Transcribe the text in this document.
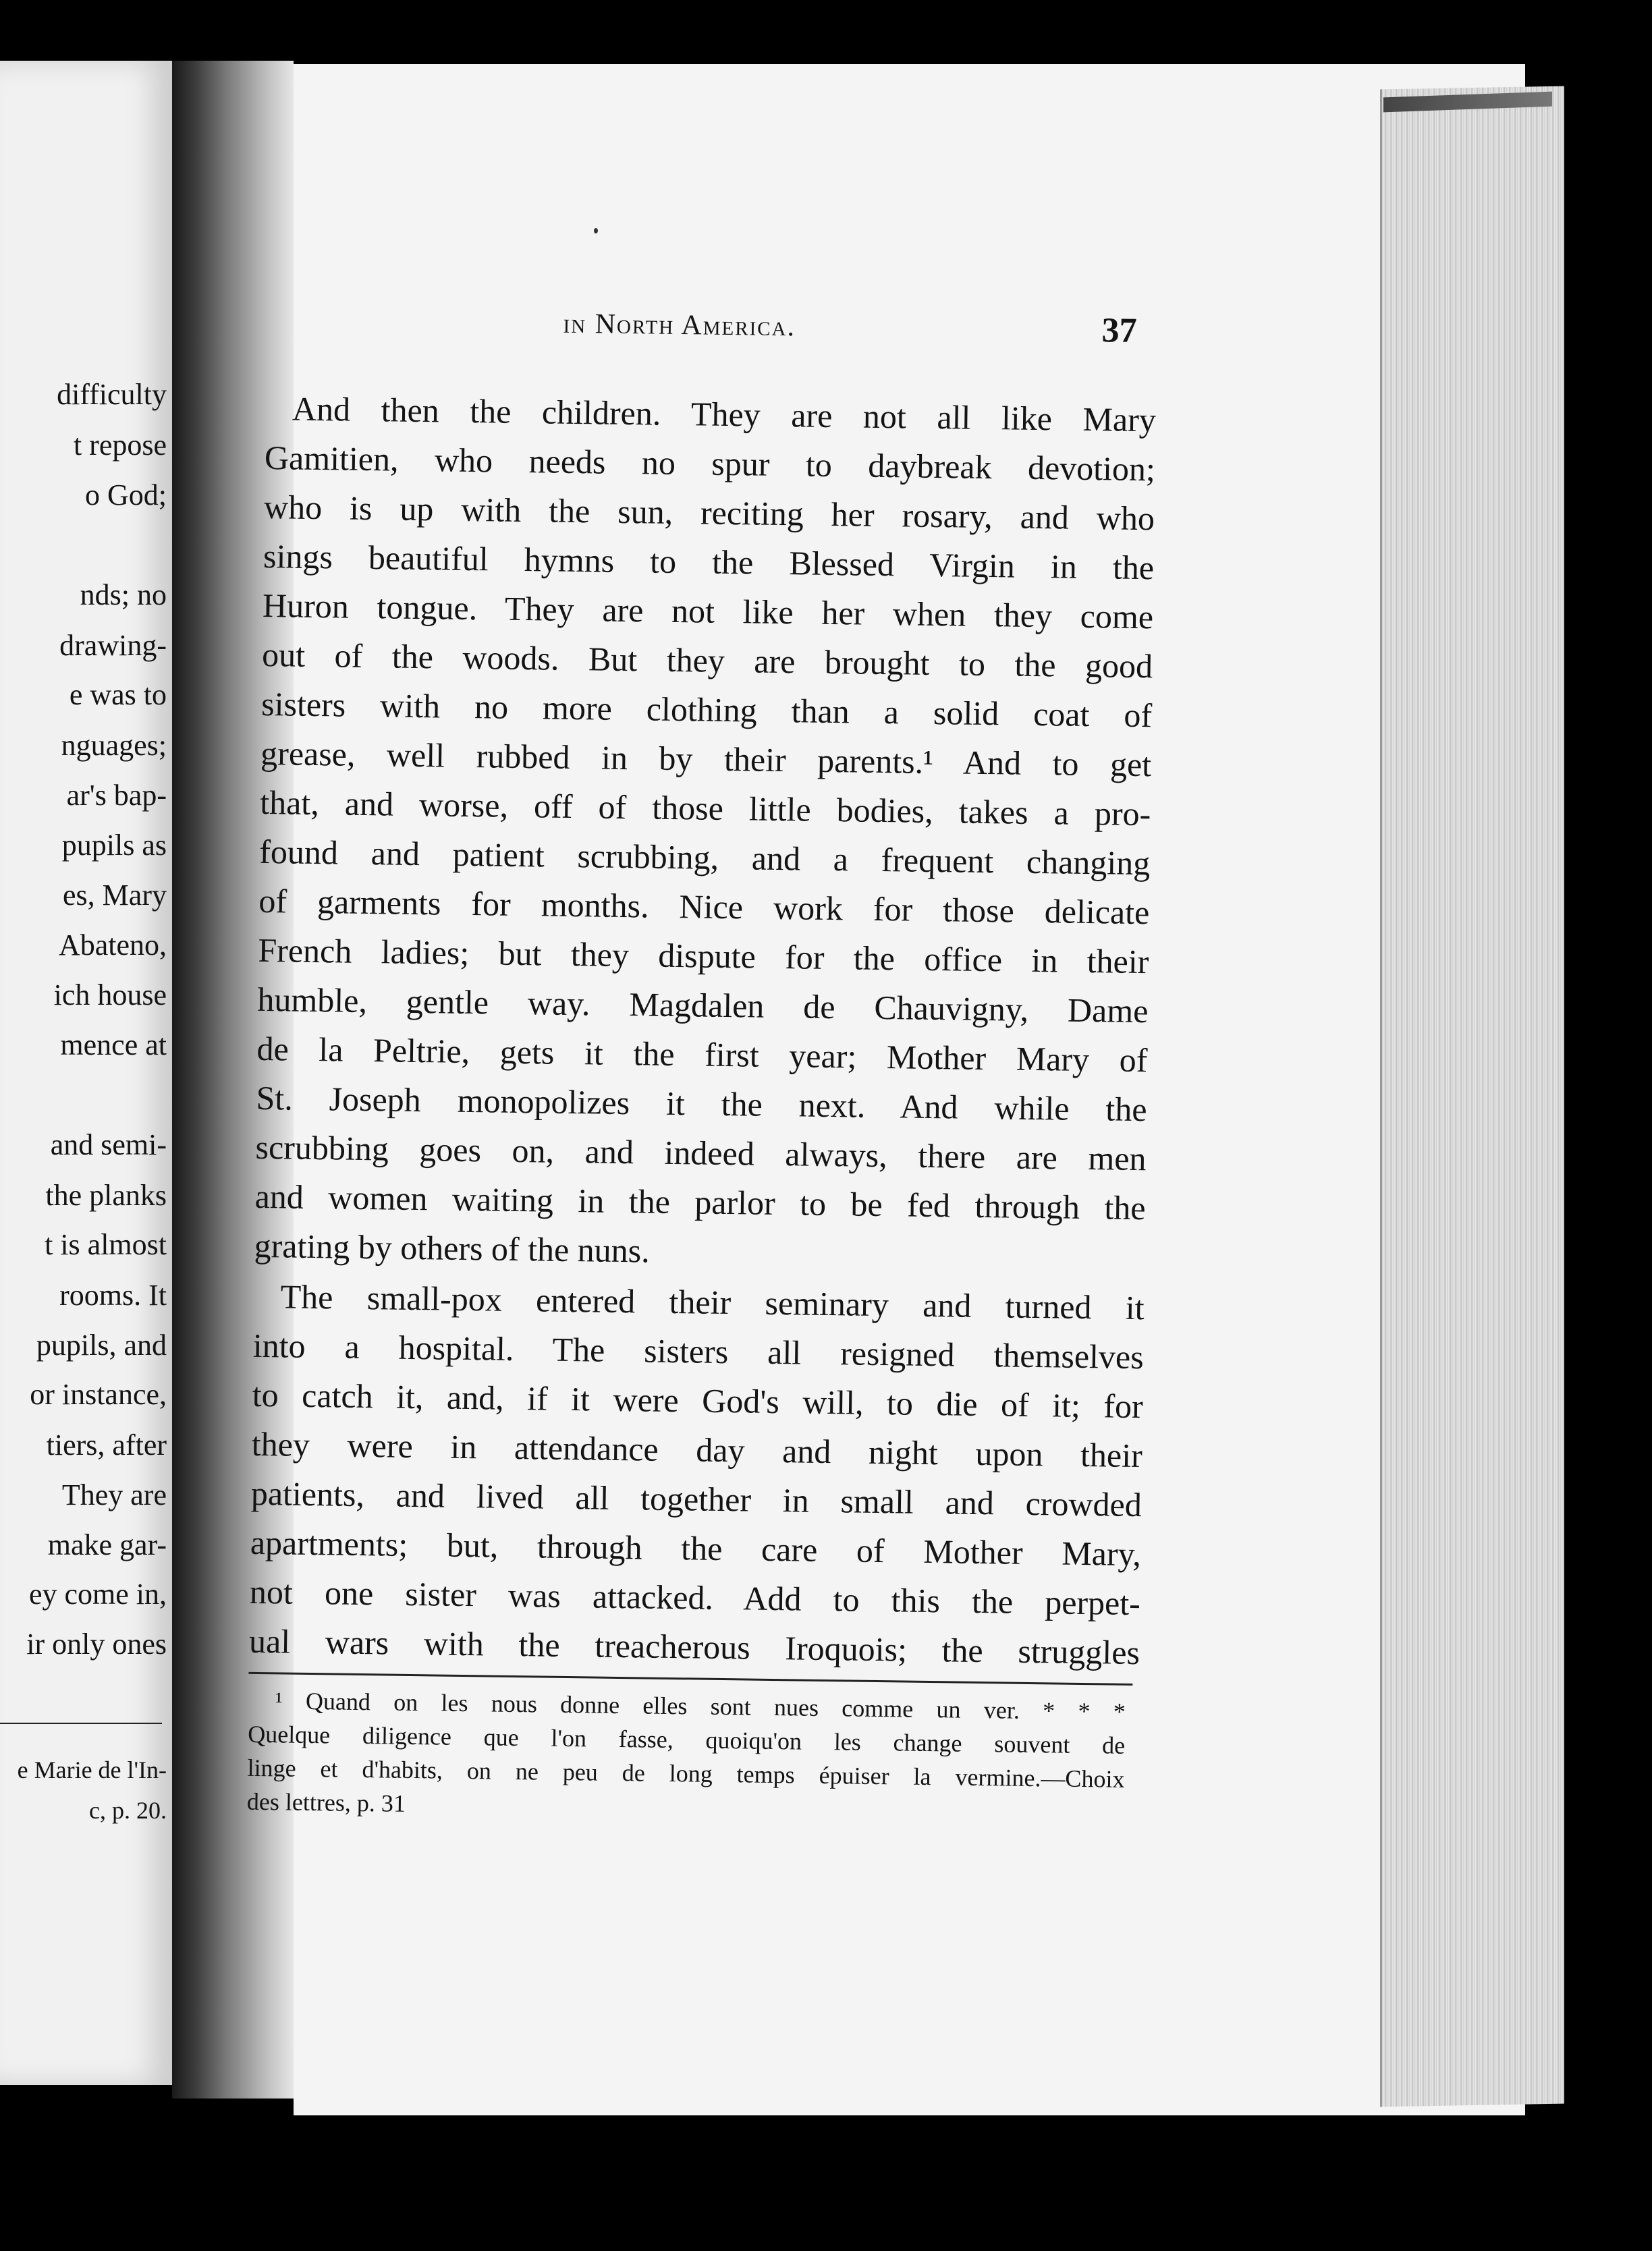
difficulty
t repose
o God;
nds; no
drawing-
e was to
nguages;
ar's bap-
pupils as
es, Mary
Abateno,
ich house
mence at
and semi-
the planks
t is almost
rooms. It
pupils, and
or instance,
tiers, after
They are
make gar-
ey come in,
ir only ones
e Marie de l'In-
c, p. 20.
in North America.	37
And then the children. They are not all like Mary
Gamitien, who needs no spur to daybreak devotion;
who is up with the sun, reciting her rosary, and who
sings beautiful hymns to the Blessed Virgin in the
Huron tongue. They are not like her when they come
out of the woods. But they are brought to the good
sisters with no more clothing than a solid coat of
grease, well rubbed in by their parents.¹ And to get
that, and worse, off of those little bodies, takes a pro-
found and patient scrubbing, and a frequent changing
of garments for months. Nice work for those delicate
French ladies; but they dispute for the office in their
humble, gentle way. Magdalen de Chauvigny, Dame
de la Peltrie, gets it the first year; Mother Mary of
St. Joseph monopolizes it the next. And while the
scrubbing goes on, and indeed always, there are men
and women waiting in the parlor to be fed through the
grating by others of the nuns.
The small-pox entered their seminary and turned it
into a hospital. The sisters all resigned themselves
to catch it, and, if it were God's will, to die of it; for
they were in attendance day and night upon their
patients, and lived all together in small and crowded
apartments; but, through the care of Mother Mary,
not one sister was attacked. Add to this the perpet-
ual wars with the treacherous Iroquois; the struggles
¹ Quand on les nous donne elles sont nues comme un ver. * * *
Quelque diligence que l'on fasse, quoiqu'on les change souvent de
linge et d'habits, on ne peu de long temps épuiser la vermine.—Choix
des lettres, p. 31
